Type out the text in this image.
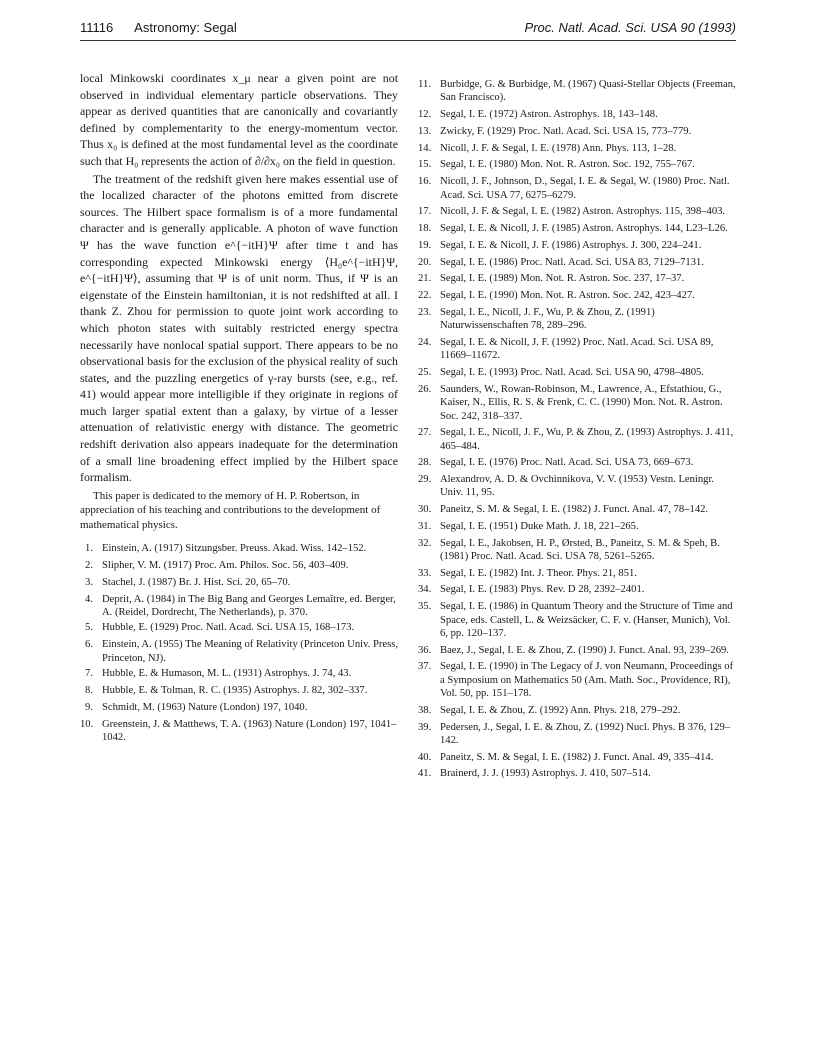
11116 Astronomy: Segal	Proc. Natl. Acad. Sci. USA 90 (1993)

local Minkowski coordinates x_μ near a given point are not observed in individual elementary particle observations. They appear as derived quantities that are canonically and covariantly defined by complementarity to the energy-momentum vector. Thus x₀ is defined at the most fundamental level as the coordinate such that H₀ represents the action of ∂/∂x₀ on the field in question.

The treatment of the redshift given here makes essential use of the localized character of the photons emitted from discrete sources. The Hilbert space formalism is of a more fundamental character and is generally applicable. A photon of wave function Ψ has the wave function e^{−itH}Ψ after time t and has corresponding expected Minkowski energy ⟨H₀e^{−itH}Ψ, e^{−itH}Ψ⟩, assuming that Ψ is of unit norm. Thus, if Ψ is an eigenstate of the Einstein hamiltonian, it is not redshifted at all. I thank Z. Zhou for permission to quote joint work according to which photon states with suitably restricted energy spectra necessarily have nonlocal spatial support. There appears to be no observational basis for the exclusion of the physical reality of such states, and the puzzling energetics of γ-ray bursts (see, e.g., ref. 41) would appear more intelligible if they originate in regions of much larger spatial extent than a galaxy, by virtue of a lesser attenuation of relativistic energy with distance. The geometric redshift derivation also appears inadequate for the determination of a small line broadening effect implied by the Hilbert space formalism.

This paper is dedicated to the memory of H. P. Robertson, in appreciation of his teaching and contributions to the development of mathematical physics.

1. Einstein, A. (1917) Sitzungsber. Preuss. Akad. Wiss. 142–152.
2. Slipher, V. M. (1917) Proc. Am. Philos. Soc. 56, 403–409.
3. Stachel, J. (1987) Br. J. Hist. Sci. 20, 65–70.
4. Deprit, A. (1984) in The Big Bang and Georges Lemaître, ed. Berger, A. (Reidel, Dordrecht, The Netherlands), p. 370.
5. Hubble, E. (1929) Proc. Natl. Acad. Sci. USA 15, 168–173.
6. Einstein, A. (1955) The Meaning of Relativity (Princeton Univ. Press, Princeton, NJ).
7. Hubble, E. & Humason, M. L. (1931) Astrophys. J. 74, 43.
8. Hubble, E. & Tolman, R. C. (1935) Astrophys. J. 82, 302–337.
9. Schmidt, M. (1963) Nature (London) 197, 1040.
10. Greenstein, J. & Matthews, T. A. (1963) Nature (London) 197, 1041–1042.
11. Burbidge, G. & Burbidge, M. (1967) Quasi-Stellar Objects (Freeman, San Francisco).
12. Segal, I. E. (1972) Astron. Astrophys. 18, 143–148.
13. Zwicky, F. (1929) Proc. Natl. Acad. Sci. USA 15, 773–779.
14. Nicoll, J. F. & Segal, I. E. (1978) Ann. Phys. 113, 1–28.
15. Segal, I. E. (1980) Mon. Not. R. Astron. Soc. 192, 755–767.
16. Nicoll, J. F., Johnson, D., Segal, I. E. & Segal, W. (1980) Proc. Natl. Acad. Sci. USA 77, 6275–6279.
17. Nicoll, J. F. & Segal, I. E. (1982) Astron. Astrophys. 115, 398–403.
18. Segal, I. E. & Nicoll, J. F. (1985) Astron. Astrophys. 144, L23–L26.
19. Segal, I. E. & Nicoll, J. F. (1986) Astrophys. J. 300, 224–241.
20. Segal, I. E. (1986) Proc. Natl. Acad. Sci. USA 83, 7129–7131.
21. Segal, I. E. (1989) Mon. Not. R. Astron. Soc. 237, 17–37.
22. Segal, I. E. (1990) Mon. Not. R. Astron. Soc. 242, 423–427.
23. Segal, I. E., Nicoll, J. F., Wu, P. & Zhou, Z. (1991) Naturwissenschaften 78, 289–296.
24. Segal, I. E. & Nicoll, J. F. (1992) Proc. Natl. Acad. Sci. USA 89, 11669–11672.
25. Segal, I. E. (1993) Proc. Natl. Acad. Sci. USA 90, 4798–4805.
26. Saunders, W., Rowan-Robinson, M., Lawrence, A., Efstathiou, G., Kaiser, N., Ellis, R. S. & Frenk, C. C. (1990) Mon. Not. R. Astron. Soc. 242, 318–337.
27. Segal, I. E., Nicoll, J. F., Wu, P. & Zhou, Z. (1993) Astrophys. J. 411, 465–484.
28. Segal, I. E. (1976) Proc. Natl. Acad. Sci. USA 73, 669–673.
29. Alexandrov, A. D. & Ovchinnikova, V. V. (1953) Vestn. Leningr. Univ. 11, 95.
30. Paneitz, S. M. & Segal, I. E. (1982) J. Funct. Anal. 47, 78–142.
31. Segal, I. E. (1951) Duke Math. J. 18, 221–265.
32. Segal, I. E., Jakobsen, H. P., Ørsted, B., Paneitz, S. M. & Speh, B. (1981) Proc. Natl. Acad. Sci. USA 78, 5261–5265.
33. Segal, I. E. (1982) Int. J. Theor. Phys. 21, 851.
34. Segal, I. E. (1983) Phys. Rev. D 28, 2392–2401.
35. Segal, I. E. (1986) in Quantum Theory and the Structure of Time and Space, eds. Castell, L. & Weizsäcker, C. F. v. (Hanser, Munich), Vol. 6, pp. 120–137.
36. Baez, J., Segal, I. E. & Zhou, Z. (1990) J. Funct. Anal. 93, 239–269.
37. Segal, I. E. (1990) in The Legacy of J. von Neumann, Proceedings of a Symposium on Mathematics 50 (Am. Math. Soc., Providence, RI), Vol. 50, pp. 151–178.
38. Segal, I. E. & Zhou, Z. (1992) Ann. Phys. 218, 279–292.
39. Pedersen, J., Segal, I. E. & Zhou, Z. (1992) Nucl. Phys. B 376, 129–142.
40. Paneitz, S. M. & Segal, I. E. (1982) J. Funct. Anal. 49, 335–414.
41. Brainerd, J. J. (1993) Astrophys. J. 410, 507–514.
